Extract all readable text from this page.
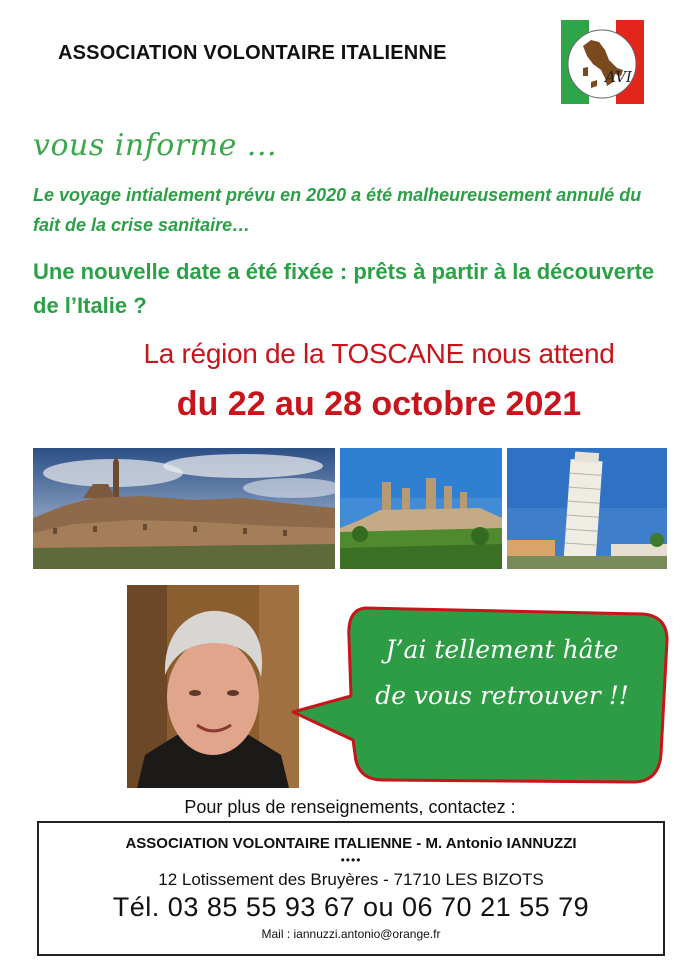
ASSOCIATION VOLONTAIRE ITALIENNE
AVI
vous informe ...
Le voyage intialement prévu en 2020 a été malheureusement annulé du fait de la crise sanitaire…
Une nouvelle date a été fixée : prêts à partir à la découverte de l’Italie ?
La région de la TOSCANE nous attend
du 22 au 28 octobre 2021
J’ai tellement hâte
de vous retrouver !!
Pour plus de renseignements, contactez :
ASSOCIATION VOLONTAIRE ITALIENNE - M. Antonio IANNUZZI
••••
12 Lotissement des Bruyères - 71710 LES BIZOTS
Tél. 03 85 55 93 67 ou 06 70 21 55 79
Mail : iannuzzi.antonio@orange.fr
